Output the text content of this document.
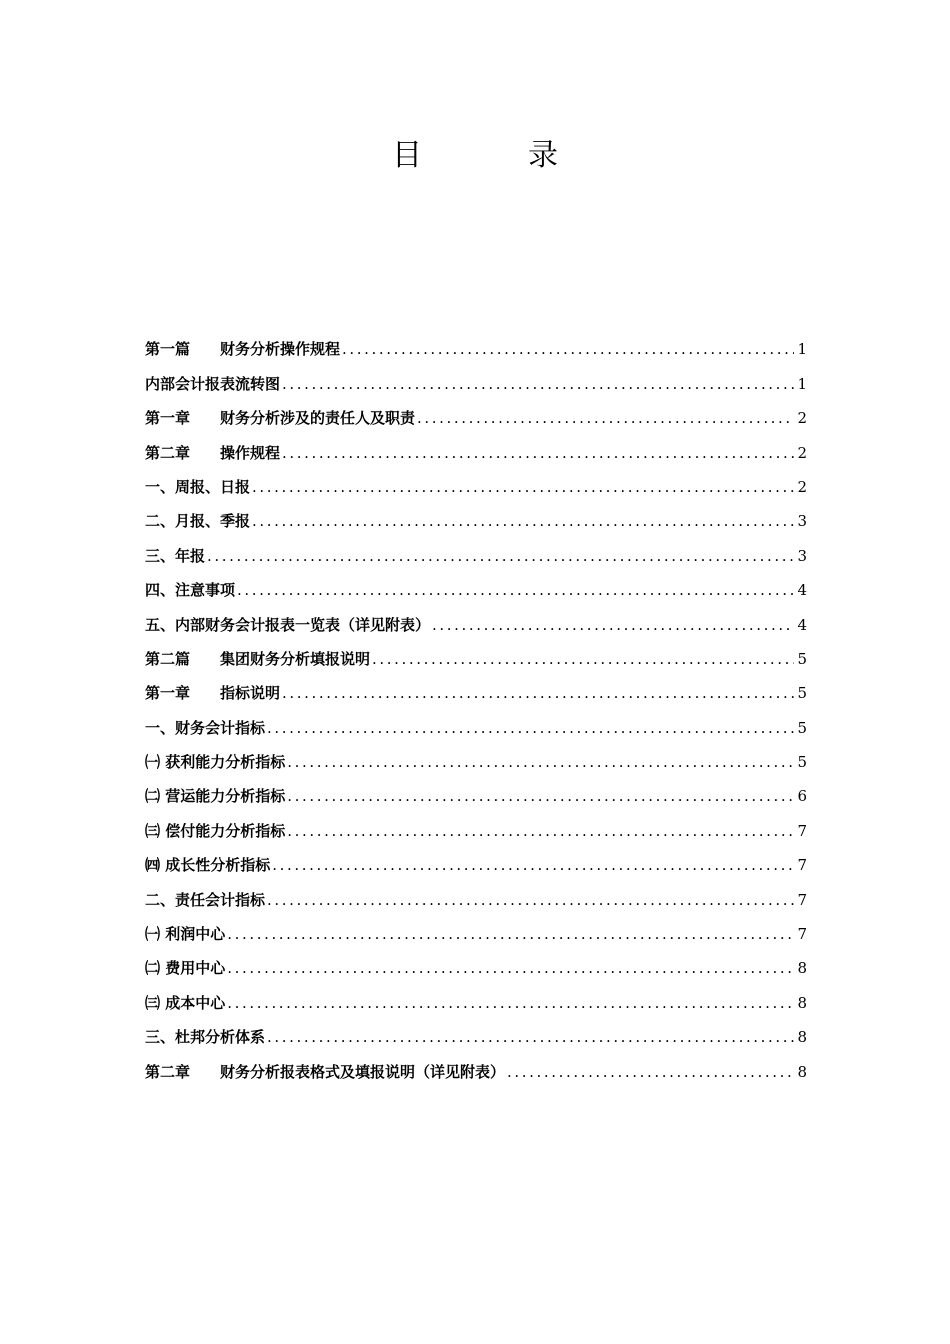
目　录
第一篇　　财务分析操作规程 .....	1
内部会计报表流转图 .....	1
第一章　　财务分析涉及的责任人及职责 .....	2
第二章　　操作规程 .....	2
一、周报、日报 .....	2
二、月报、季报 .....	3
三、年报 .....	3
四、注意事项 .....	4
五、内部财务会计报表一览表（详见附表） .....	4
第二篇　　集团财务分析填报说明 .....	5
第一章　　指标说明 .....	5
一、财务会计指标 .....	5
㈠ 获利能力分析指标 .....	5
㈡ 营运能力分析指标 .....	6
㈢ 偿付能力分析指标 .....	7
㈣ 成长性分析指标 .....	7
二、责任会计指标 .....	7
㈠ 利润中心 .....	7
㈡ 费用中心 .....	8
㈢ 成本中心 .....	8
三、杜邦分析体系 .....	8
第二章　　财务分析报表格式及填报说明（详见附表） .....	8
